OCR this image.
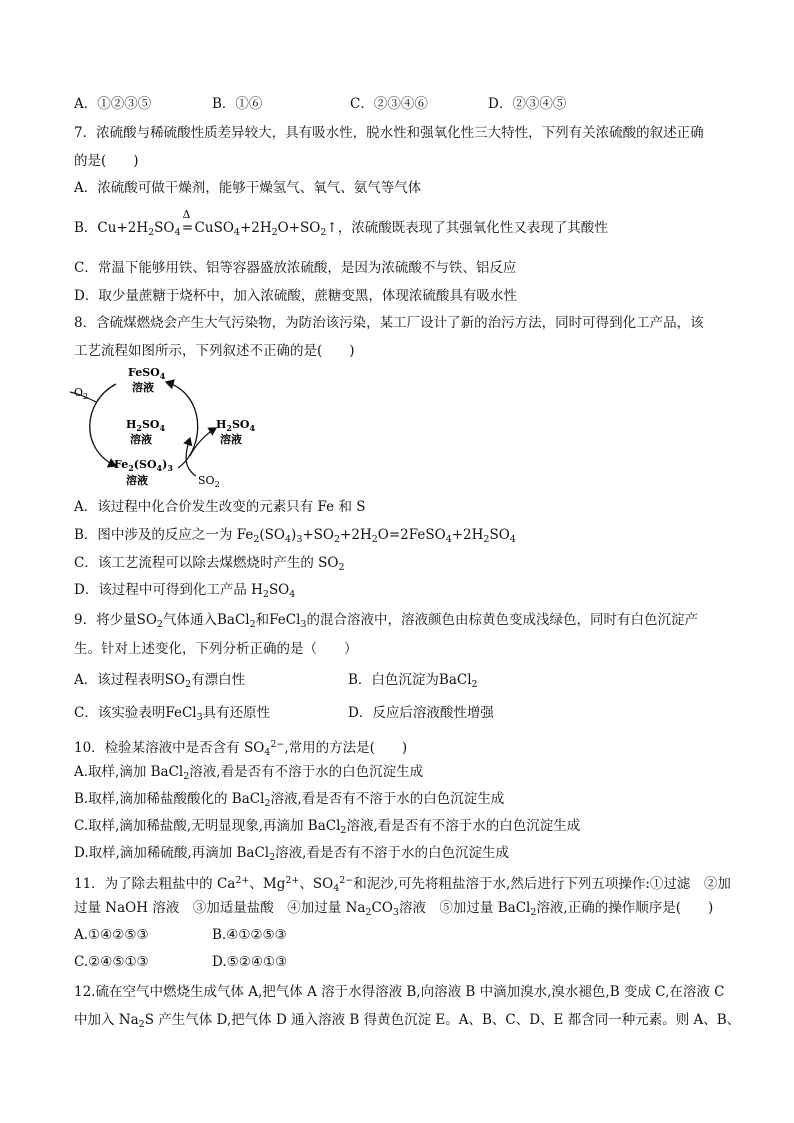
A．①②③⑤	B．①⑥	C．②③④⑥	D．②③④⑤
7．浓硫酸与稀硫酸性质差异较大，具有吸水性，脱水性和强氧化性三大特性，下列有关浓硫酸的叙述正确
的是(　　)
A．浓硫酸可做干燥剂，能够干燥氢气、氧气、氨气等气体
B．$Cu+2H_2SO_4$
Δ
$=CuSO_4+2H_2O+SO_2↑$，浓硫酸既表现了其强氧化性又表现了其酸性
C．常温下能够用铁、铝等容器盛放浓硫酸，是因为浓硫酸不与铁、铝反应
D．取少量蔗糖于烧杯中，加入浓硫酸，蔗糖变黑，体现浓硫酸具有吸水性
8．含硫煤燃烧会产生大气污染物，为防治该污染，某工厂设计了新的治污方法，同时可得到化工产品，该
工艺流程如图所示，下列叙述不正确的是(　　)
FeSO$_4$
溶液
$O_2$
$H_2SO_4$
溶液
$H_2SO_4$
溶液
$Fe_2(SO_4)_3$
溶液	$SO_2$
A．该过程中化合价发生改变的元素只有 Fe 和 S
B．图中涉及的反应之一为 $Fe_2(SO_4)_3+SO_2+2H_2O=2FeSO_4+2H_2SO_4$
C．该工艺流程可以除去煤燃烧时产生的 $SO_2$
D．该过程中可得到化工产品 $H_2SO_4$
9．将少量$SO_2$气体通入BaCl$_2$和FeCl$_3$的混合溶液中，溶液颜色由棕黄色变成浅绿色，同时有白色沉淀产
生。针对上述变化，下列分析正确的是（　　）
A．该过程表明$SO_2$有漂白性	B．白色沉淀为BaCl$_2$
C．该实验表明FeCl$_3$具有还原性	D．反应后溶液酸性增强
10．检验某溶液中是否含有 $SO_4^{2-}$,常用的方法是(　　)
A.取样,滴加 BaCl$_2$溶液,看是否有不溶于水的白色沉淀生成
B.取样,滴加稀盐酸酸化的 BaCl$_2$溶液,看是否有不溶于水的白色沉淀生成
C.取样,滴加稀盐酸,无明显现象,再滴加 BaCl$_2$溶液,看是否有不溶于水的白色沉淀生成
D.取样,滴加稀硫酸,再滴加 BaCl$_2$溶液,看是否有不溶于水的白色沉淀生成
11．为了除去粗盐中的 $Ca^{2+}$、$Mg^{2+}$、$SO_4^{2-}$和泥沙,可先将粗盐溶于水,然后进行下列五项操作:①过滤　②加
过量 NaOH 溶液　③加适量盐酸　④加过量 $Na_2CO_3$溶液　⑤加过量 BaCl$_2$溶液,正确的操作顺序是(　　)
A.①④②⑤③	B.④①②⑤③
C.②④⑤①③	D.⑤②④①③
12.硫在空气中燃烧生成气体 A,把气体 A 溶于水得溶液 B,向溶液 B 中滴加溴水,溴水褪色,B 变成 C,在溶液 C
中加入 $Na_2S$ 产生气体 D,把气体 D 通入溶液 B 得黄色沉淀 E。A、B、C、D、E 都含同一种元素。则 A、B、
